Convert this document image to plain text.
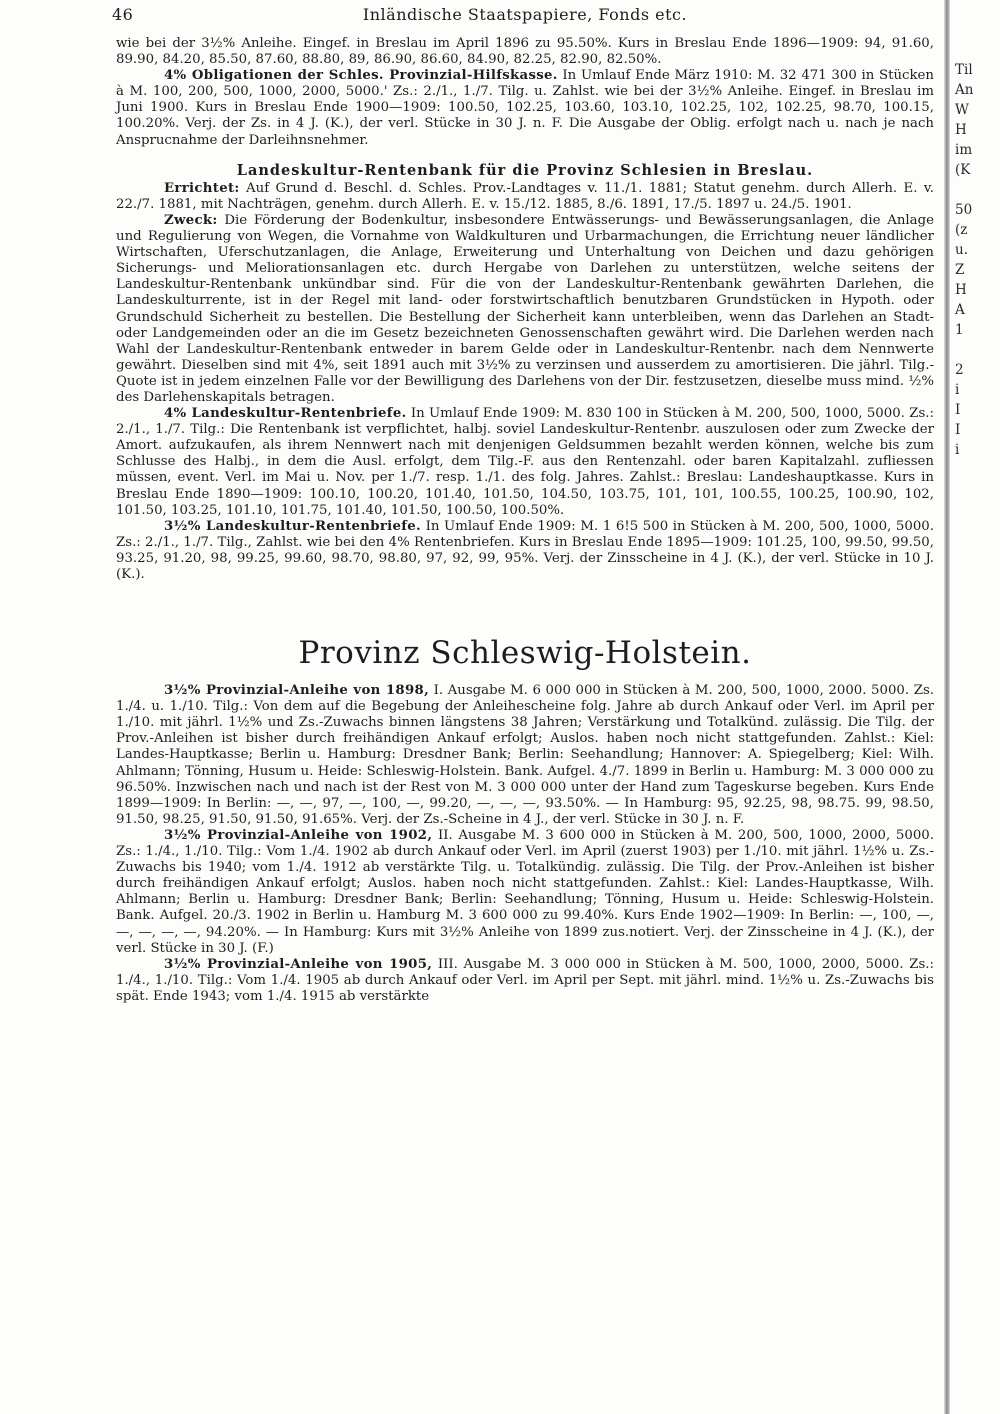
46	Inländische Staatspapiere, Fonds etc.

wie bei der 3½% Anleihe. Eingef. in Breslau im April 1896 zu 95.50%. Kurs in Breslau Ende 1896—1909: 94, 91.60, 89.90, 84.20, 85.50, 87.60, 88.80, 89, 86.90, 86.60, 84.90, 82.25, 82.90, 82.50%.

4% Obligationen der Schles. Provinzial-Hilfskasse. In Umlauf Ende März 1910: M. 32 471 300 in Stücken à M. 100, 200, 500, 1000, 2000, 5000.' Zs.: 2./1., 1./7. Tilg. u. Zahlst. wie bei der 3½% Anleihe. Eingef. in Breslau im Juni 1900. Kurs in Breslau Ende 1900—1909: 100.50, 102.25, 103.60, 103.10, 102.25, 102, 102.25, 98.70, 100.15, 100.20%. Verj. der Zs. in 4 J. (K.), der verl. Stücke in 30 J. n. F. Die Ausgabe der Oblig. erfolgt nach u. nach je nach Ansprucnahme der Darleihnsnehmer.

Landeskultur-Rentenbank für die Provinz Schlesien in Breslau.

Errichtet: Auf Grund d. Beschl. d. Schles. Prov.-Landtages v. 11./1. 1881; Statut genehm. durch Allerh. E. v. 22./7. 1881, mit Nachträgen, genehm. durch Allerh. E. v. 15./12. 1885, 8./6. 1891, 17./5. 1897 u. 24./5. 1901.

Zweck: Die Förderung der Bodenkultur, insbesondere Entwässerungs- und Bewässerungsanlagen, die Anlage und Regulierung von Wegen, die Vornahme von Waldkulturen und Urbarmachungen, die Errichtung neuer ländlicher Wirtschaften, Uferschutzanlagen, die Anlage, Erweiterung und Unterhaltung von Deichen und dazu gehörigen Sicherungs- und Meliorationsanlagen etc. durch Hergabe von Darlehen zu unterstützen, welche seitens der Landeskultur-Rentenbank unkündbar sind. Für die von der Landeskultur-Rentenbank gewährten Darlehen, die Landeskulturrente, ist in der Regel mit land- oder forstwirtschaftlich benutzbaren Grundstücken in Hypoth. oder Grundschuld Sicherheit zu bestellen. Die Bestellung der Sicherheit kann unterbleiben, wenn das Darlehen an Stadt- oder Landgemeinden oder an die im Gesetz bezeichneten Genossenschaften gewährt wird. Die Darlehen werden nach Wahl der Landeskultur-Rentenbank entweder in barem Gelde oder in Landeskultur-Rentenbr. nach dem Nennwerte gewährt. Dieselben sind mit 4%, seit 1891 auch mit 3½% zu verzinsen und ausserdem zu amortisieren. Die jährl. Tilg.-Quote ist in jedem einzelnen Falle vor der Bewilligung des Darlehens von der Dir. festzusetzen, dieselbe muss mind. ½% des Darlehenskapitals betragen.

4% Landeskultur-Rentenbriefe. In Umlauf Ende 1909: M. 830 100 in Stücken à M. 200, 500, 1000, 5000. Zs.: 2./1., 1./7. Tilg.: Die Rentenbank ist verpflichtet, halbj. soviel Landeskultur-Rentenbr. auszulosen oder zum Zwecke der Amort. aufzukaufen, als ihrem Nennwert nach mit denjenigen Geldsummen bezahlt werden können, welche bis zum Schlusse des Halbj., in dem die Ausl. erfolgt, dem Tilg.-F. aus den Rentenzahl. oder baren Kapitalzahl. zufliessen müssen, event. Verl. im Mai u. Nov. per 1./7. resp. 1./1. des folg. Jahres. Zahlst.: Breslau: Landeshauptkasse. Kurs in Breslau Ende 1890—1909: 100.10, 100.20, 101.40, 101.50, 104.50, 103.75, 101, 101, 100.55, 100.25, 100.90, 102, 101.50, 103.25, 101.10, 101.75, 101.40, 101.50, 100.50, 100.50%.

3½% Landeskultur-Rentenbriefe. In Umlauf Ende 1909: M. 1 6!5 500 in Stücken à M. 200, 500, 1000, 5000. Zs.: 2./1., 1./7. Tilg., Zahlst. wie bei den 4% Rentenbriefen. Kurs in Breslau Ende 1895—1909: 101.25, 100, 99.50, 99.50, 93.25, 91.20, 98, 99.25, 99.60, 98.70, 98.80, 97, 92, 99, 95%. Verj. der Zinsscheine in 4 J. (K.), der verl. Stücke in 10 J. (K.).

Provinz Schleswig-Holstein.

3½% Provinzial-Anleihe von 1898, I. Ausgabe M. 6 000 000 in Stücken à M. 200, 500, 1000, 2000. 5000. Zs. 1./4. u. 1./10. Tilg.: Von dem auf die Begebung der Anleihescheine folg. Jahre ab durch Ankauf oder Verl. im April per 1./10. mit jährl. 1½% und Zs.-Zuwachs binnen längstens 38 Jahren; Verstärkung und Totalkünd. zulässig. Die Tilg. der Prov.-Anleihen ist bisher durch freihändigen Ankauf erfolgt; Auslos. haben noch nicht stattgefunden. Zahlst.: Kiel: Landes-Hauptkasse; Berlin u. Hamburg: Dresdner Bank; Berlin: Seehandlung; Hannover: A. Spiegelberg; Kiel: Wilh. Ahlmann; Tönning, Husum u. Heide: Schleswig-Holstein. Bank. Aufgel. 4./7. 1899 in Berlin u. Hamburg: M. 3 000 000 zu 96.50%. Inzwischen nach und nach ist der Rest von M. 3 000 000 unter der Hand zum Tageskurse begeben. Kurs Ende 1899—1909: In Berlin: —, —, 97, —, 100, —, 99.20, —, —, —, 93.50%. — In Hamburg: 95, 92.25, 98, 98.75. 99, 98.50, 91.50, 98.25, 91.50, 91.50, 91.65%. Verj. der Zs.-Scheine in 4 J., der verl. Stücke in 30 J. n. F.

3½% Provinzial-Anleihe von 1902, II. Ausgabe M. 3 600 000 in Stücken à M. 200, 500, 1000, 2000, 5000. Zs.: 1./4., 1./10. Tilg.: Vom 1./4. 1902 ab durch Ankauf oder Verl. im April (zuerst 1903) per 1./10. mit jährl. 1½% u. Zs.-Zuwachs bis 1940; vom 1./4. 1912 ab verstärkte Tilg. u. Totalkündig. zulässig. Die Tilg. der Prov.-Anleihen ist bisher durch freihändigen Ankauf erfolgt; Auslos. haben noch nicht stattgefunden. Zahlst.: Kiel: Landes-Hauptkasse, Wilh. Ahlmann; Berlin u. Hamburg: Dresdner Bank; Berlin: Seehandlung; Tönning, Husum u. Heide: Schleswig-Holstein. Bank. Aufgel. 20./3. 1902 in Berlin u. Hamburg M. 3 600 000 zu 99.40%. Kurs Ende 1902—1909: In Berlin: —, 100, —, —, —, —, —, 94.20%. — In Hamburg: Kurs mit 3½% Anleihe von 1899 zus.notiert. Verj. der Zinsscheine in 4 J. (K.), der verl. Stücke in 30 J. (F.)

3½% Provinzial-Anleihe von 1905, III. Ausgabe M. 3 000 000 in Stücken à M. 500, 1000, 2000, 5000. Zs.: 1./4., 1./10. Tilg.: Vom 1./4. 1905 ab durch Ankauf oder Verl. im April per Sept. mit jährl. mind. 1½% u. Zs.-Zuwachs bis spät. Ende 1943; vom 1./4. 1915 ab verstärkte

Til
An
W
H
im
(K
50
(z
u.
Z
H
A
1
2
i
I
I
i
